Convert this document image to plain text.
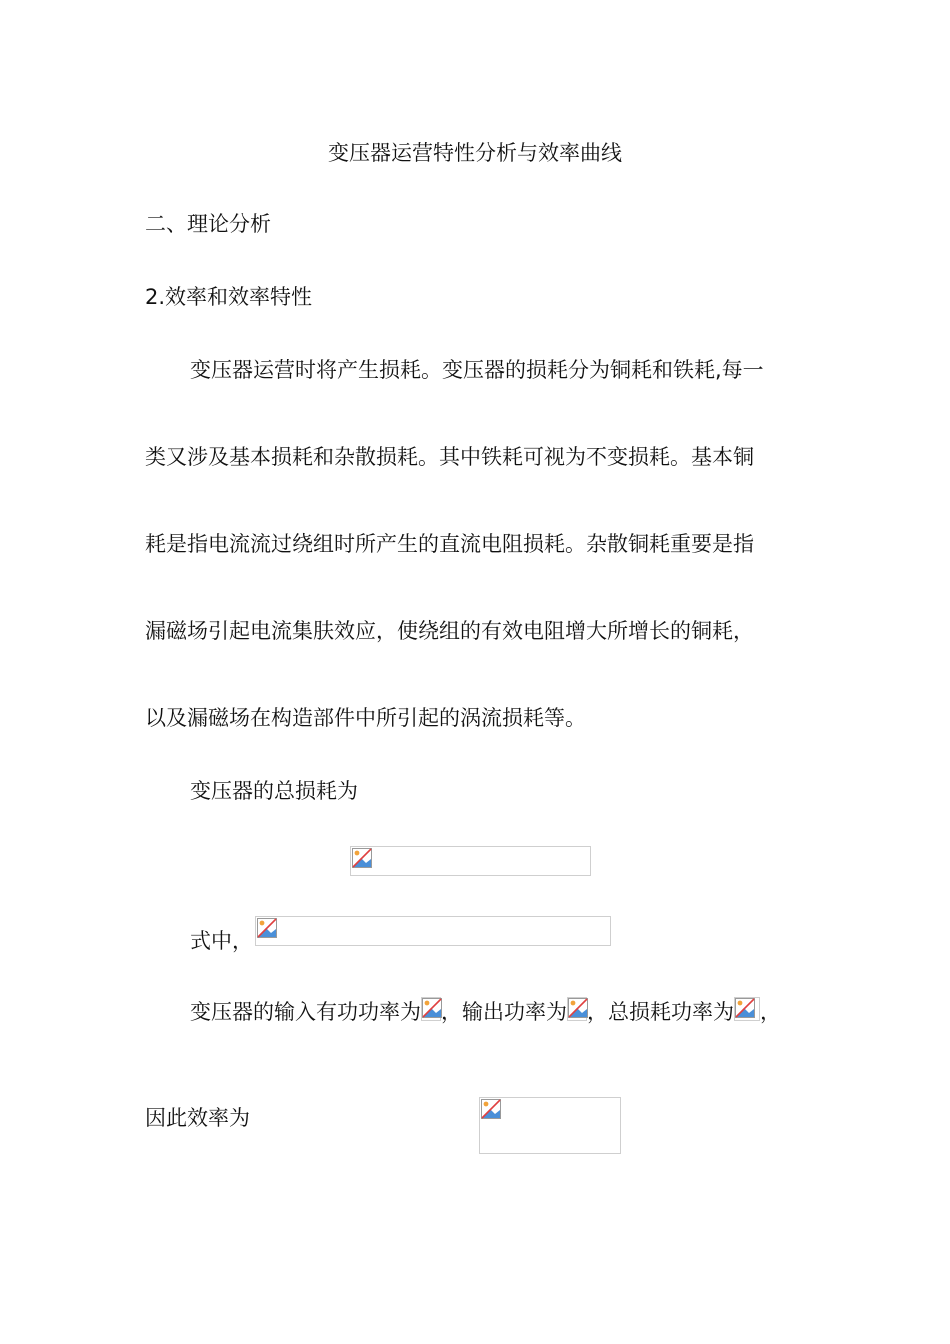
变压器运营特性分析与效率曲线
二、理论分析
2.效率和效率特性
变压器运营时将产生损耗。变压器的损耗分为铜耗和铁耗,每一
类又涉及基本损耗和杂散损耗。其中铁耗可视为不变损耗。基本铜
耗是指电流流过绕组时所产生的直流电阻损耗。杂散铜耗重要是指
漏磁场引起电流集肤效应，使绕组的有效电阻增大所增长的铜耗，
以及漏磁场在构造部件中所引起的涡流损耗等。
变压器的总损耗为
式中，
变压器的输入有功功率为 ，输出功率为 ，总损耗功率为 ，
因此效率为
